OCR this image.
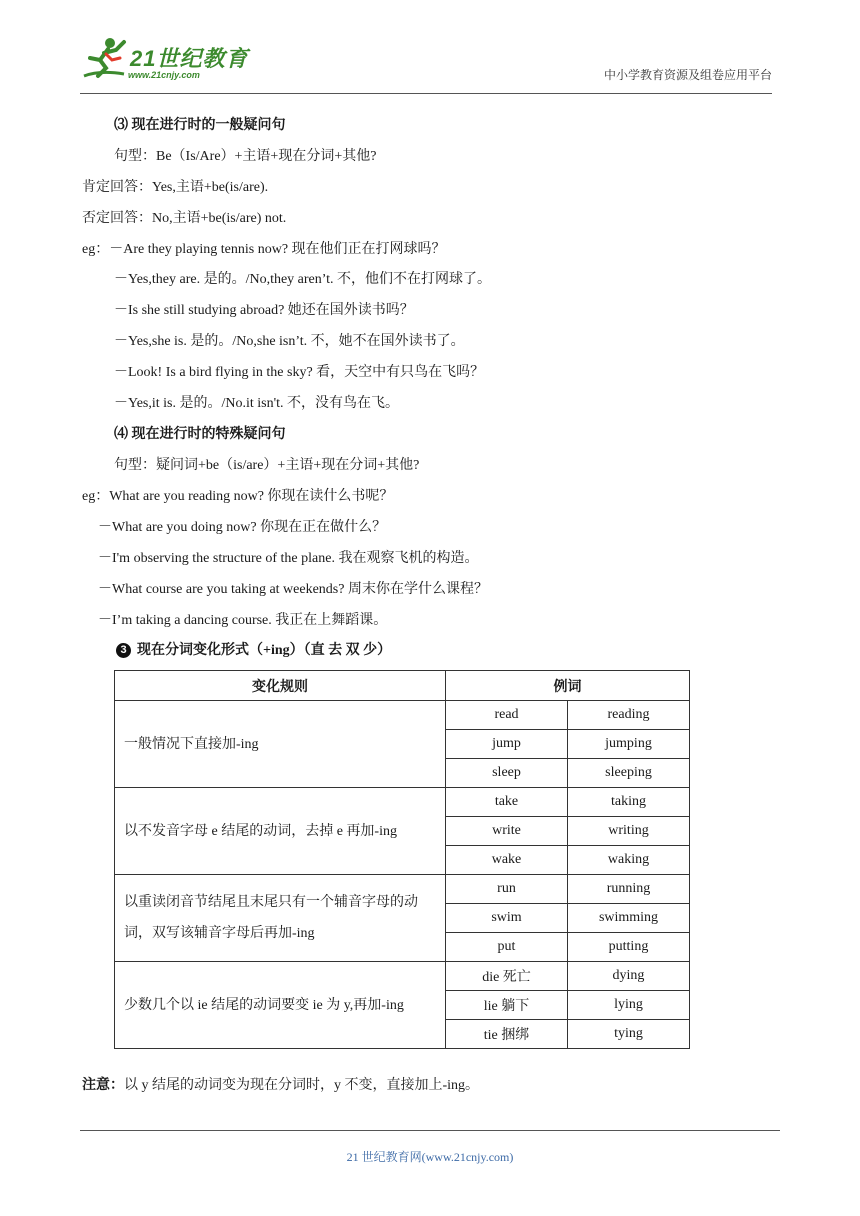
21世纪教育
www.21cnjy.com	中小学教育资源及组卷应用平台
⑶ 现在进行时的一般疑问句
句型：Be（Is/Are）+主语+现在分词+其他?
肯定回答：Yes,主语+be(is/are).
否定回答：No,主语+be(is/are) not.
eg：－Are they playing tennis now? 现在他们正在打网球吗？
－Yes,they are. 是的。/No,they aren’t. 不，他们不在打网球了。
－Is she still studying abroad? 她还在国外读书吗？
－Yes,she is. 是的。/No,she isn’t. 不，她不在国外读书了。
－Look! Is a bird flying in the sky? 看，天空中有只鸟在飞吗？
－Yes,it is. 是的。/No.it isn't. 不，没有鸟在飞。
⑷ 现在进行时的特殊疑问句
句型：疑问词+be（is/are）+主语+现在分词+其他?
eg：What are you reading now? 你现在读什么书呢？
－What are you doing now? 你现在正在做什么？
－I'm observing the structure of the plane. 我在观察飞机的构造。
－What course are you taking at weekends? 周末你在学什么课程？
－I’m taking a dancing course. 我正在上舞蹈课。
3 现在分词变化形式（+ing）（直 去 双 少）
变化规则	例词	
一般情况下直接加-ing	read	reading
	jump	jumping
	sleep	sleeping
以不发音字母 e 结尾的动词，去掉 e 再加-ing	take	taking
	write	writing
	wake	waking
以重读闭音节结尾且末尾只有一个辅音字母的动词，双写该辅音字母后再加-ing	run	running
	swim	swimming
	put	putting
少数几个以 ie 结尾的动词要变 ie 为 y,再加-ing	die 死亡	dying
	lie 躺下	lying
	tie 捆绑	tying
注意：以 y 结尾的动词变为现在分词时，y 不变，直接加上-ing。
21 世纪教育网(www.21cnjy.com)
